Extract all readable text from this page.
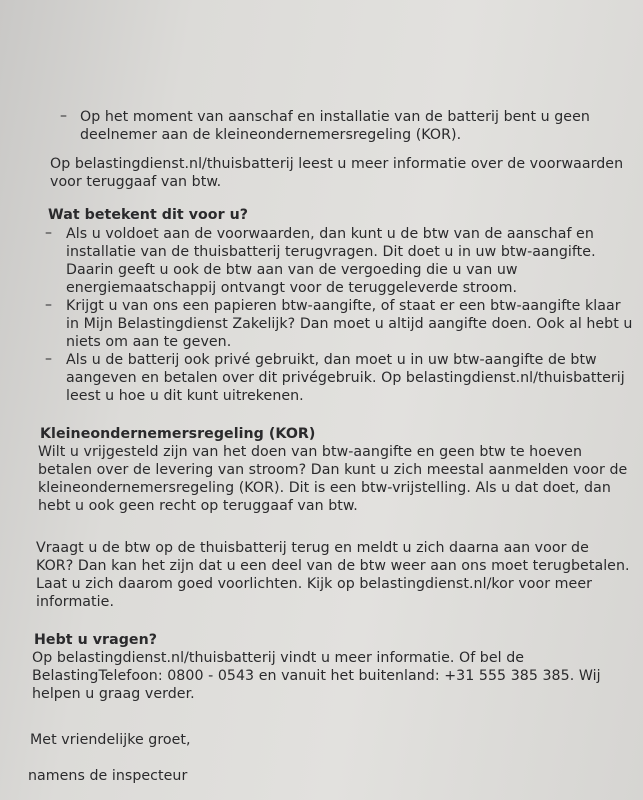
– Op het moment van aanschaf en installatie van de batterij bent u geen
deelnemer aan de kleineondernemersregeling (KOR).
Op belastingdienst.nl/thuisbatterij leest u meer informatie over de voorwaarden
voor teruggaaf van btw.
Wat betekent dit voor u?
– Als u voldoet aan de voorwaarden, dan kunt u de btw van de aanschaf en
installatie van de thuisbatterij terugvragen. Dit doet u in uw btw-aangifte.
Daarin geeft u ook de btw aan van de vergoeding die u van uw
energiemaatschappij ontvangt voor de teruggeleverde stroom.
– Krijgt u van ons een papieren btw-aangifte, of staat er een btw-aangifte klaar
in Mijn Belastingdienst Zakelijk? Dan moet u altijd aangifte doen. Ook al hebt u
niets om aan te geven.
– Als u de batterij ook privé gebruikt, dan moet u in uw btw-aangifte de btw
aangeven en betalen over dit privégebruik. Op belastingdienst.nl/thuisbatterij
leest u hoe u dit kunt uitrekenen.
Kleineondernemersregeling (KOR)
Wilt u vrijgesteld zijn van het doen van btw-aangifte en geen btw te hoeven
betalen over de levering van stroom? Dan kunt u zich meestal aanmelden voor de
kleineondernemersregeling (KOR). Dit is een btw-vrijstelling. Als u dat doet, dan
hebt u ook geen recht op teruggaaf van btw.
Vraagt u de btw op de thuisbatterij terug en meldt u zich daarna aan voor de
KOR? Dan kan het zijn dat u een deel van de btw weer aan ons moet terugbetalen.
Laat u zich daarom goed voorlichten. Kijk op belastingdienst.nl/kor voor meer
informatie.
Hebt u vragen?
Op belastingdienst.nl/thuisbatterij vindt u meer informatie. Of bel de
BelastingTelefoon: 0800 - 0543 en vanuit het buitenland: +31 555 385 385. Wij
helpen u graag verder.
Met vriendelijke groet,
namens de inspecteur
